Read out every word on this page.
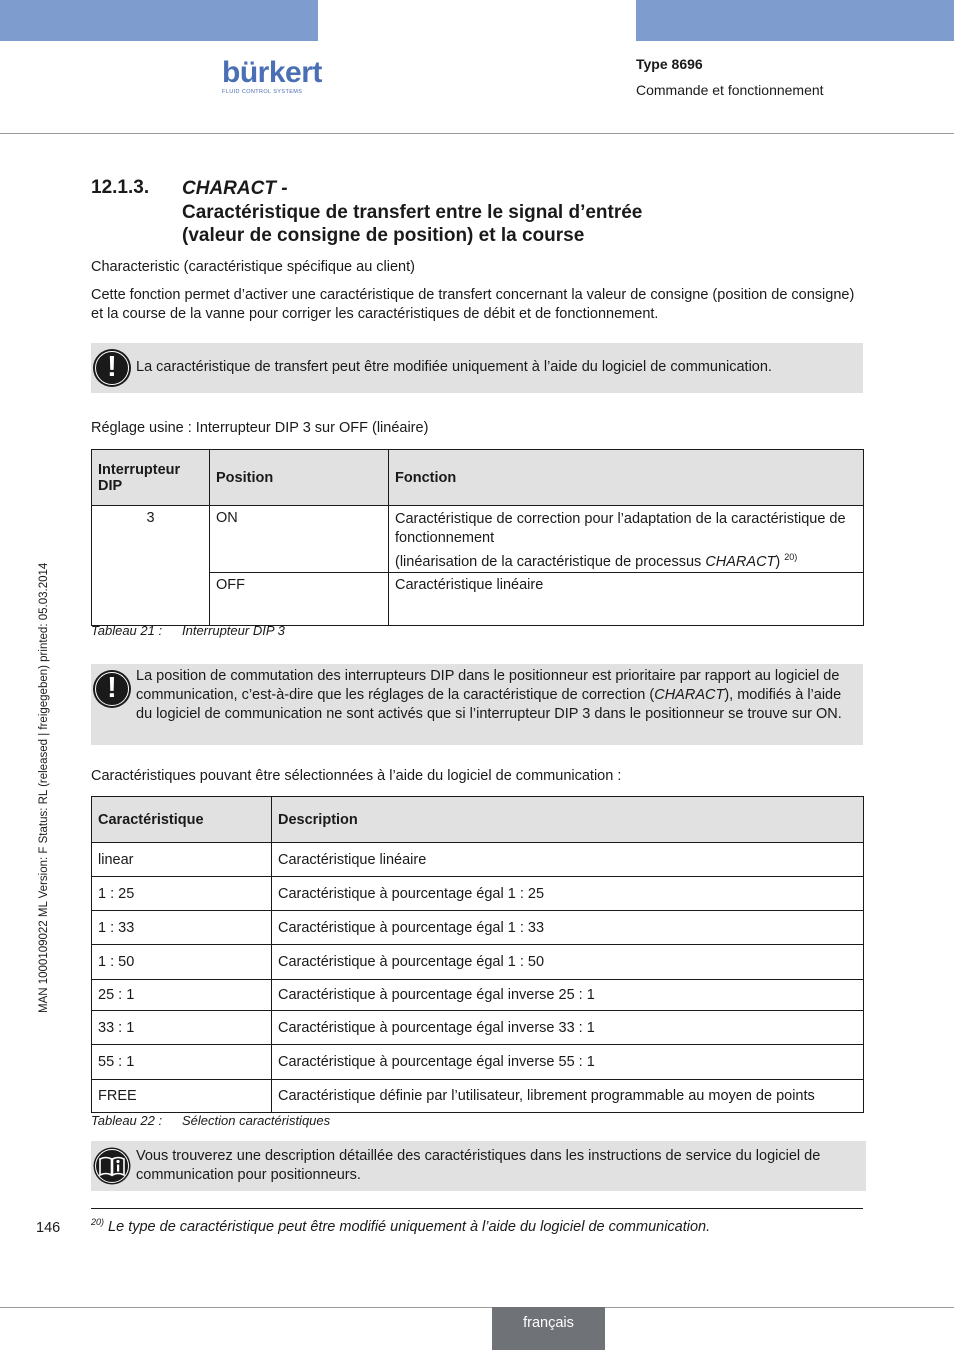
bürkert
FLUID CONTROL SYSTEMS
Type 8696
Commande et fonctionnement
MAN 1000109022 ML Version: F Status: RL (released | freigegeben) printed: 05.03.2014
12.1.3. CHARACT -
Caractéristique de transfert entre le signal d’entrée
(valeur de consigne de position) et la course
Characteristic (caractéristique spécifique au client)
Cette fonction permet d’activer une caractéristique de transfert concernant la valeur de consigne (position de consigne) et la course de la vanne pour corriger les caractéristiques de débit et de fonctionnement.
!	La caractéristique de transfert peut être modifiée uniquement à l’aide du logiciel de communication.
Réglage usine : Interrupteur DIP 3 sur OFF (linéaire)
Interrupteur DIP	Position	Fonction
3	ON	Caractéristique de correction pour l’adaptation de la caractéristique de fonctionnement
(linéarisation de la caractéristique de processus CHARACT) $^{20)}$
	OFF	Caractéristique linéaire
Tableau 21 : Interrupteur DIP 3
!	La position de commutation des interrupteurs DIP dans le positionneur est prioritaire par rapport au logiciel de communication, c’est-à-dire que les réglages de la caractéristique de correction (CHARACT), modifiés à l’aide du logiciel de communication ne sont activés que si l’interrupteur DIP 3 dans le positionneur se trouve sur ON.
Caractéristiques pouvant être sélectionnées à l’aide du logiciel de communication :
Caractéristique	Description
linear	Caractéristique linéaire
1 : 25	Caractéristique à pourcentage égal 1 : 25
1 : 33	Caractéristique à pourcentage égal 1 : 33
1 : 50	Caractéristique à pourcentage égal 1 : 50
25 : 1	Caractéristique à pourcentage égal inverse 25 : 1
33 : 1	Caractéristique à pourcentage égal inverse 33 : 1
55 : 1	Caractéristique à pourcentage égal inverse 55 : 1
FREE	Caractéristique définie par l’utilisateur, librement programmable au moyen de points
Tableau 22 : Sélection caractéristiques
Vous trouverez une description détaillée des caractéristiques dans les instructions de service du logiciel de communication pour positionneurs.
146	$^{20)}$ Le type de caractéristique peut être modifié uniquement à l’aide du logiciel de communication.
français
